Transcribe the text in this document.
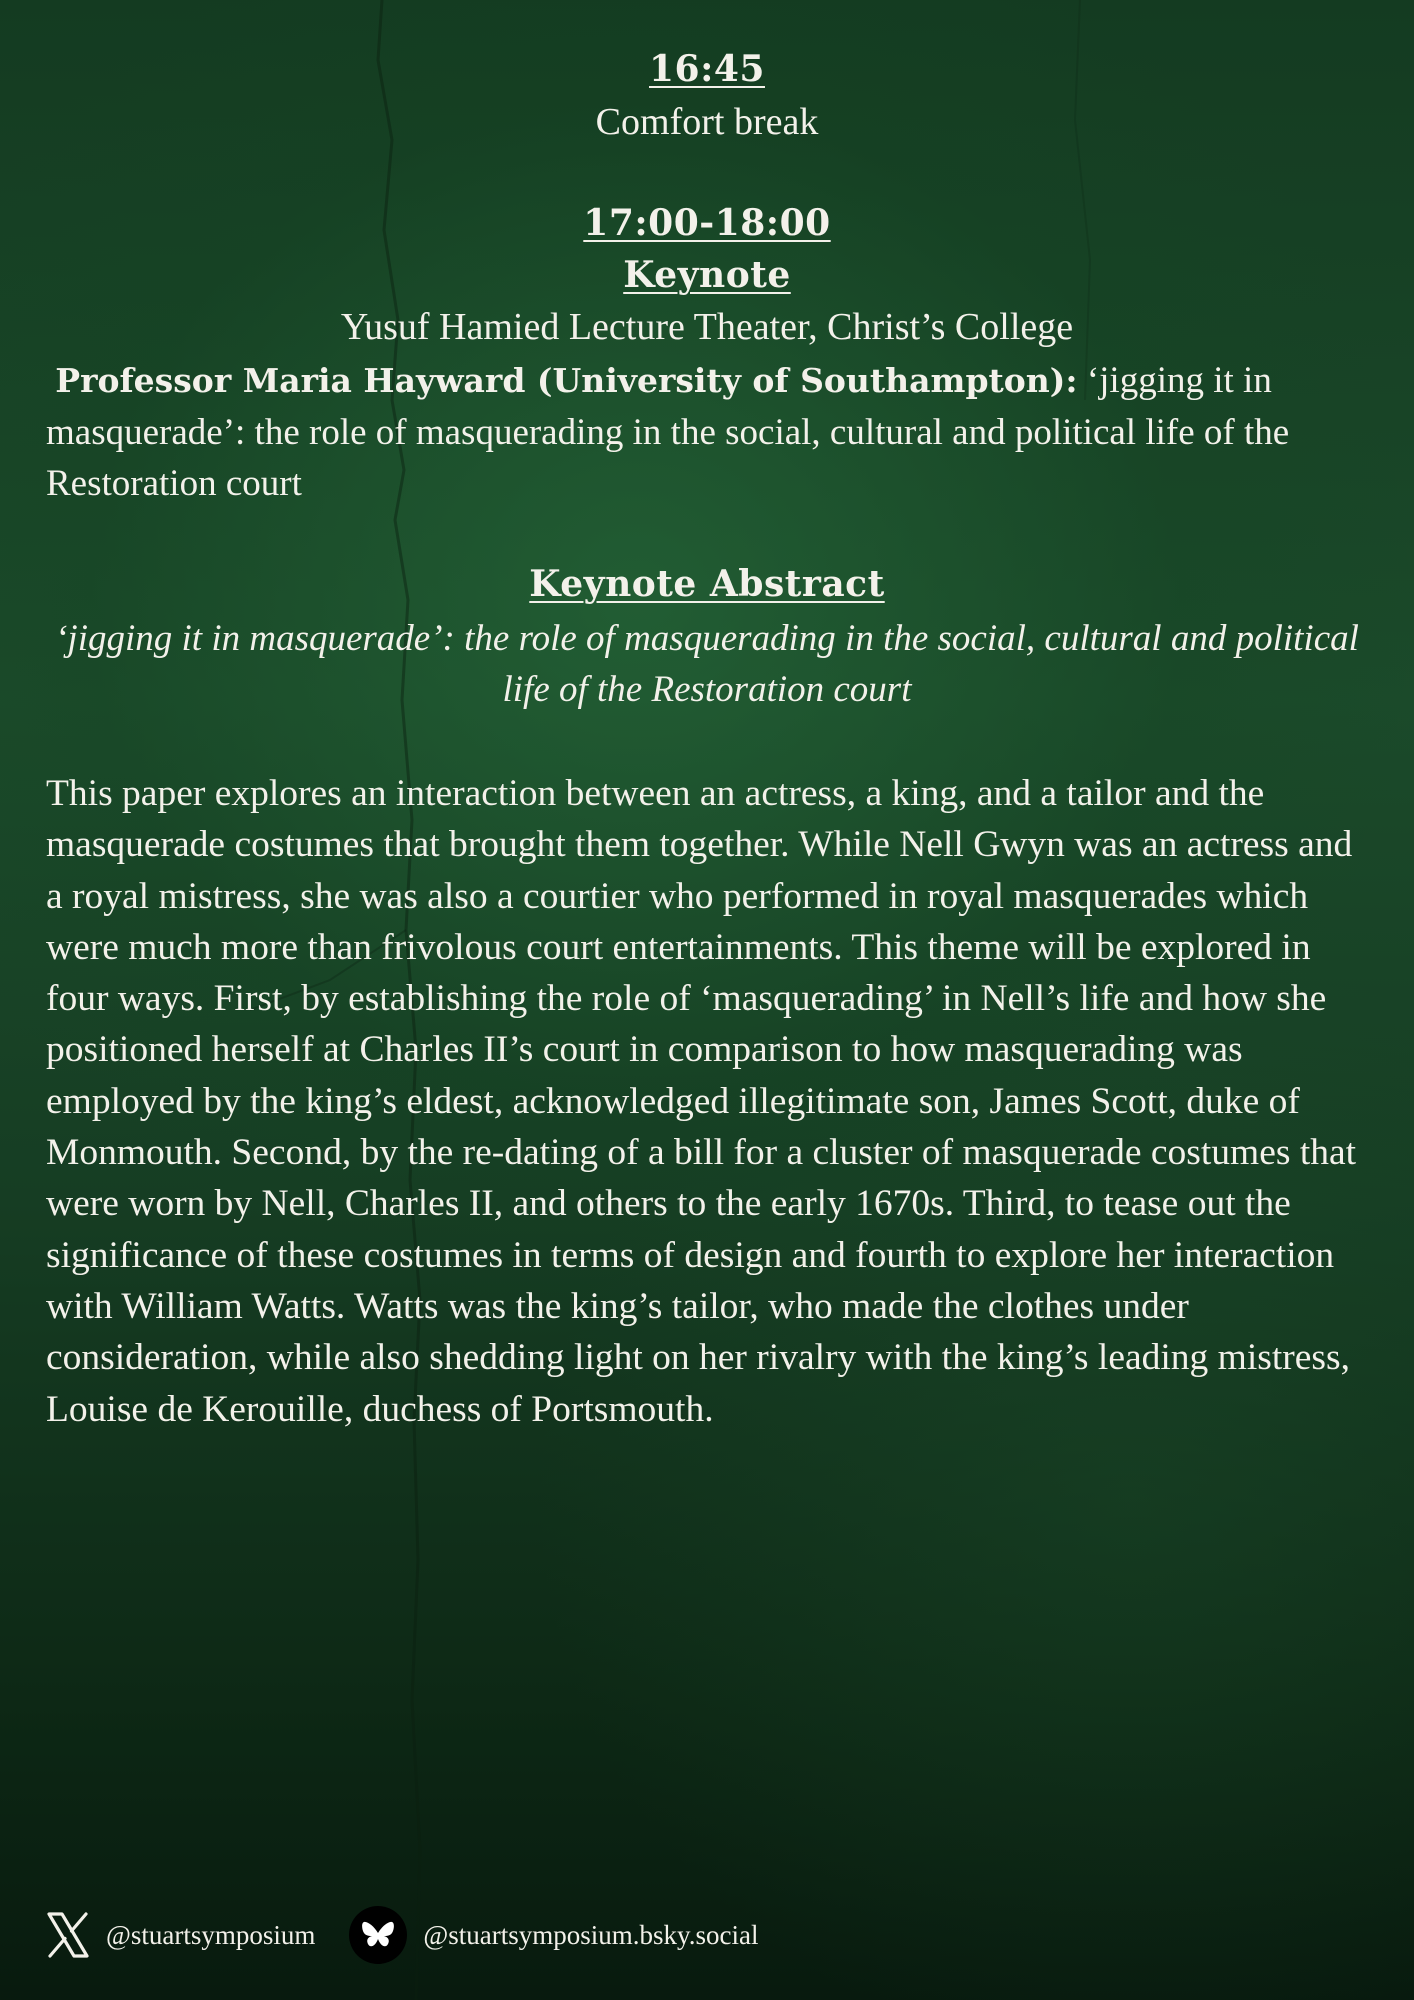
16:45
Comfort break
17:00-18:00
Keynote
Yusuf Hamied Lecture Theater, Christ’s College
Professor Maria Hayward (University of Southampton): ‘jigging it in masquerade’: the role of masquerading in the social, cultural and political life of the Restoration court
Keynote Abstract
‘jigging it in masquerade’: the role of masquerading in the social, cultural and political life of the Restoration court
This paper explores an interaction between an actress, a king, and a tailor and the masquerade costumes that brought them together. While Nell Gwyn was an actress and a royal mistress, she was also a courtier who performed in royal masquerades which were much more than frivolous court entertainments. This theme will be explored in four ways. First, by establishing the role of ‘masquerading’ in Nell’s life and how she positioned herself at Charles II’s court in comparison to how masquerading was employed by the king’s eldest, acknowledged illegitimate son, James Scott, duke of Monmouth. Second, by the re-dating of a bill for a cluster of masquerade costumes that were worn by Nell, Charles II, and others to the early 1670s. Third, to tease out the significance of these costumes in terms of design and fourth to explore her interaction with William Watts. Watts was the king’s tailor, who made the clothes under consideration, while also shedding light on her rivalry with the king’s leading mistress, Louise de Kerouille, duchess of Portsmouth.
@stuartsymposium	@stuartsymposium.bsky.social
